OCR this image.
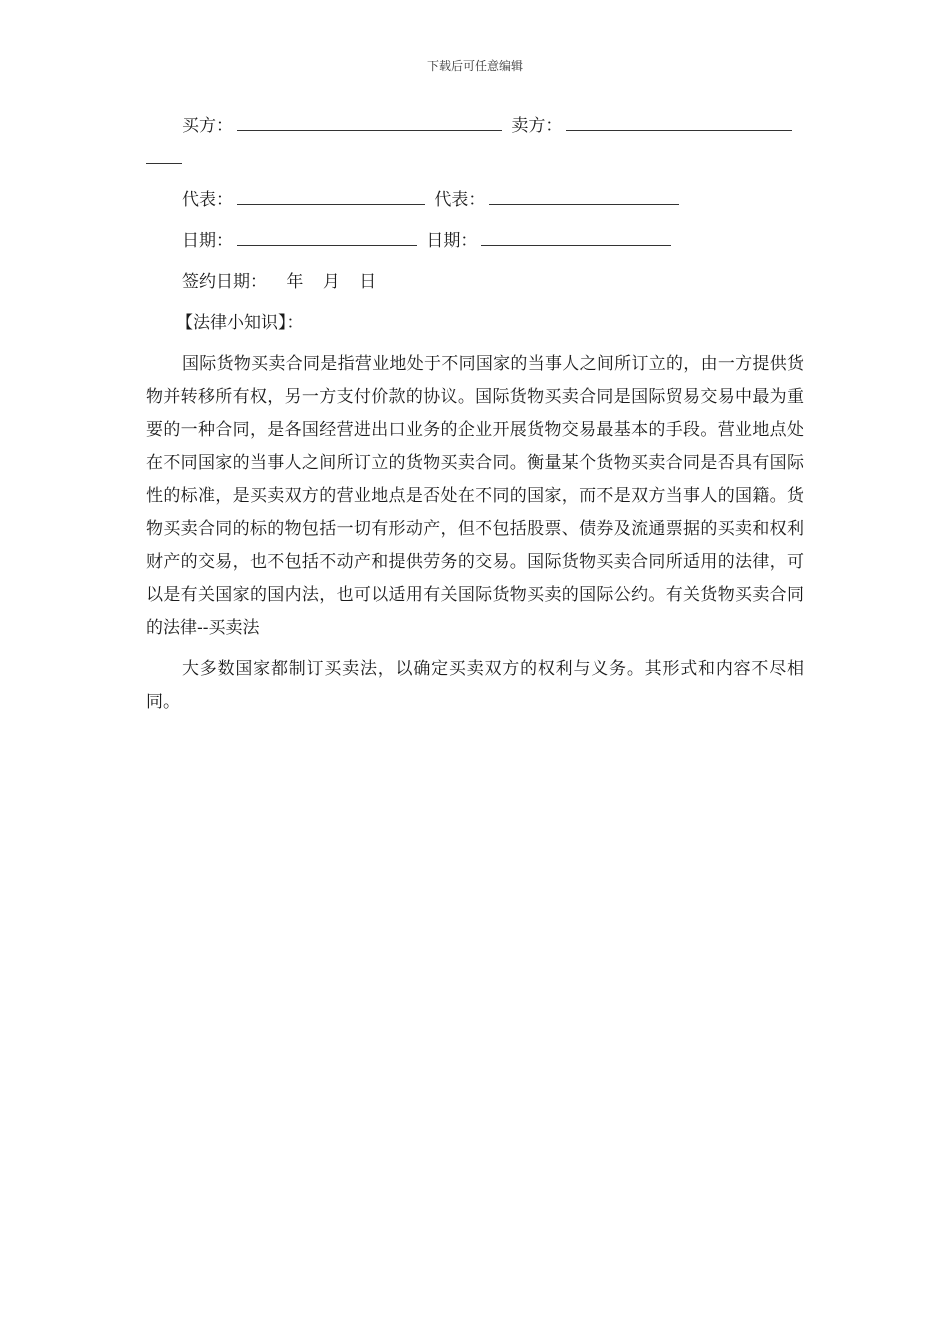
下载后可任意编辑
买方：	卖方：
代表：	代表：
日期：	日期：
签约日期： 年 月 日
【法律小知识】：

国际货物买卖合同是指营业地处于不同国家的当事人之间所订立的，由一方提供货物并转移所有权，另一方支付价款的协议。国际货物买卖合同是国际贸易交易中最为重要的一种合同，是各国经营进出口业务的企业开展货物交易最基本的手段。营业地点处在不同国家的当事人之间所订立的货物买卖合同。衡量某个货物买卖合同是否具有国际性的标准，是买卖双方的营业地点是否处在不同的国家，而不是双方当事人的国籍。货物买卖合同的标的物包括一切有形动产，但不包括股票、债券及流通票据的买卖和权利财产的交易，也不包括不动产和提供劳务的交易。国际货物买卖合同所适用的法律，可以是有关国家的国内法，也可以适用有关国际货物买卖的国际公约。有关货物买卖合同的法律--买卖法

大多数国家都制订买卖法，以确定买卖双方的权利与义务。其形式和内容不尽相同。
